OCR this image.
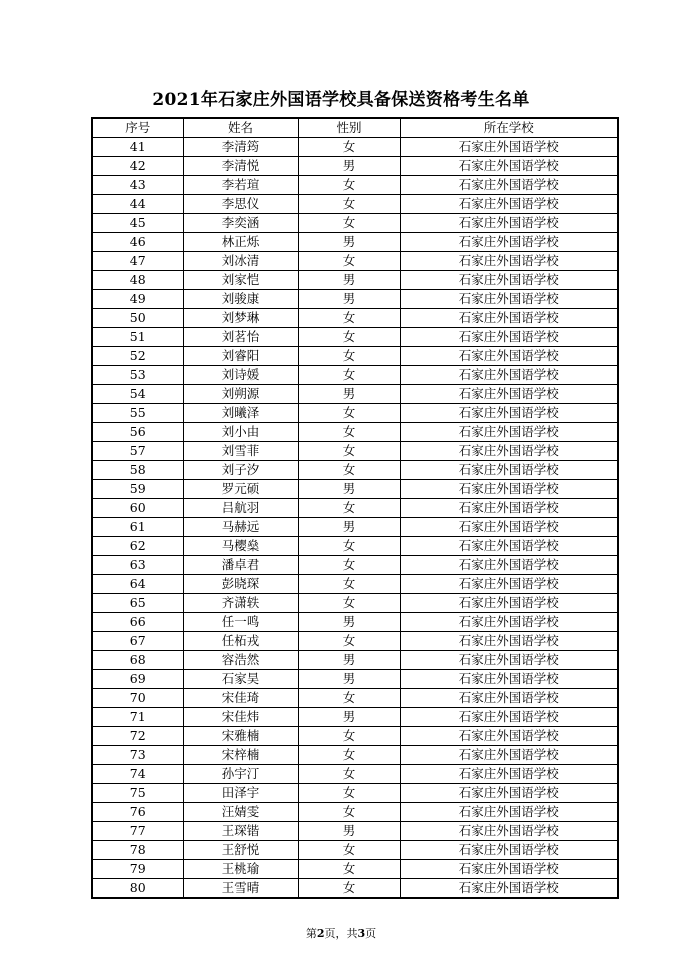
2021年石家庄外国语学校具备保送资格考生名单
序号	姓名	性别	所在学校
41	李清筠	女	石家庄外国语学校
42	李清悦	男	石家庄外国语学校
43	李若瑄	女	石家庄外国语学校
44	李思仪	女	石家庄外国语学校
45	李奕涵	女	石家庄外国语学校
46	林正烁	男	石家庄外国语学校
47	刘冰清	女	石家庄外国语学校
48	刘家恺	男	石家庄外国语学校
49	刘骏康	男	石家庄外国语学校
50	刘梦琳	女	石家庄外国语学校
51	刘茗怡	女	石家庄外国语学校
52	刘睿阳	女	石家庄外国语学校
53	刘诗媛	女	石家庄外国语学校
54	刘朔源	男	石家庄外国语学校
55	刘曦泽	女	石家庄外国语学校
56	刘小由	女	石家庄外国语学校
57	刘雪菲	女	石家庄外国语学校
58	刘子汐	女	石家庄外国语学校
59	罗元硕	男	石家庄外国语学校
60	吕航羽	女	石家庄外国语学校
61	马赫远	男	石家庄外国语学校
62	马樱燊	女	石家庄外国语学校
63	潘卓君	女	石家庄外国语学校
64	彭晓琛	女	石家庄外国语学校
65	齐潇轶	女	石家庄外国语学校
66	任一鸣	男	石家庄外国语学校
67	任柘戎	女	石家庄外国语学校
68	容浩然	男	石家庄外国语学校
69	石家昊	男	石家庄外国语学校
70	宋佳琦	女	石家庄外国语学校
71	宋佳炜	男	石家庄外国语学校
72	宋雅楠	女	石家庄外国语学校
73	宋梓楠	女	石家庄外国语学校
74	孙宇汀	女	石家庄外国语学校
75	田泽宇	女	石家庄外国语学校
76	汪婧雯	女	石家庄外国语学校
77	王琛锴	男	石家庄外国语学校
78	王舒悦	女	石家庄外国语学校
79	王桃瑜	女	石家庄外国语学校
80	王雪晴	女	石家庄外国语学校
第2页，共3页
